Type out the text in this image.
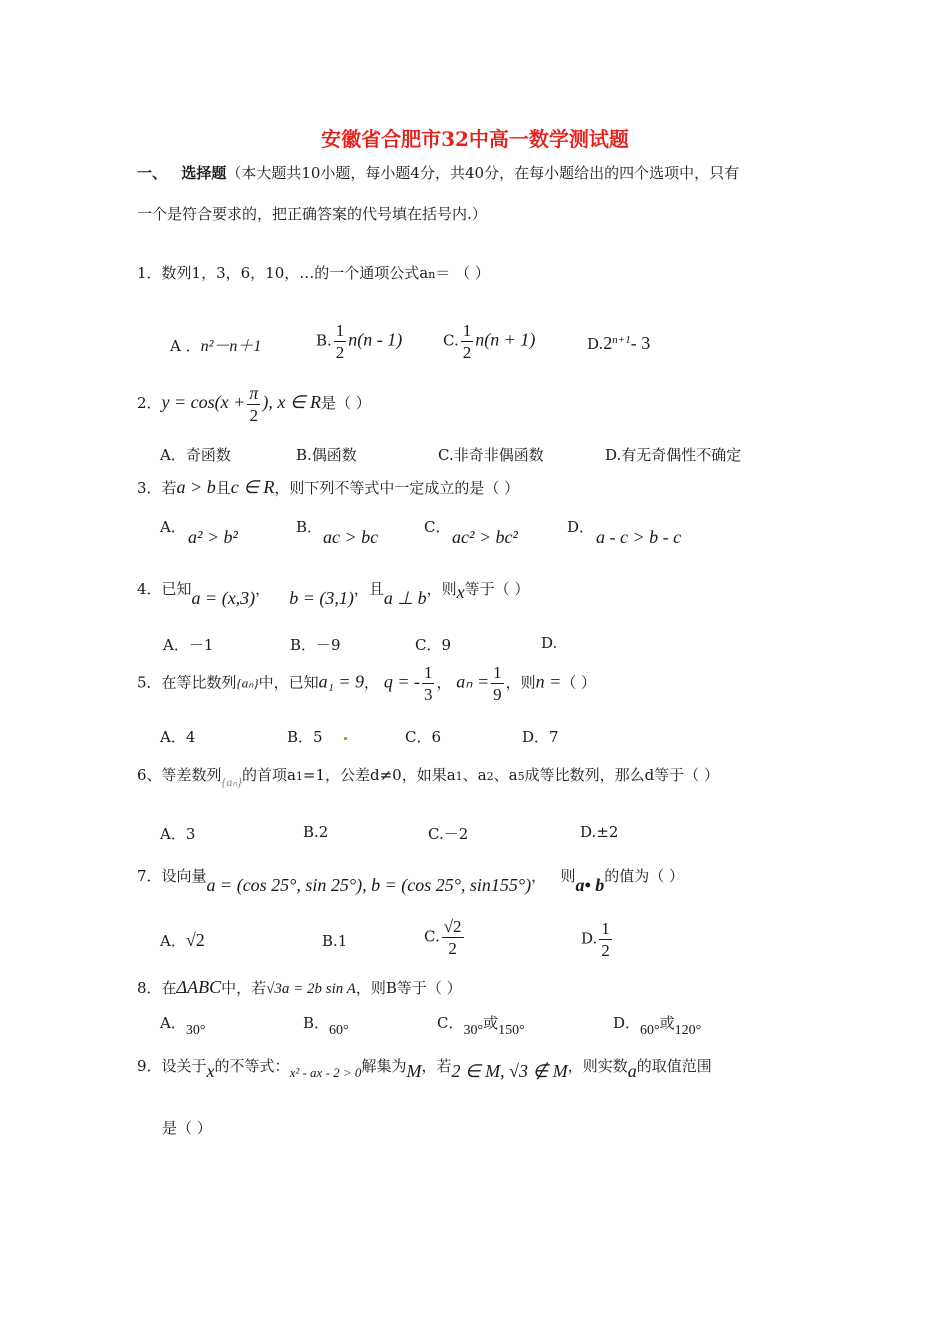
安徽省合肥市32中高一数学测试题
一、 选择题（本大题共10小题，每小题4分，共40分，在每小题给出的四个选项中，只有
一个是符合要求的，把正确答案的代号填在括号内.）
1．数列1，3，6，10，…的一个通项公式an＝ （ ）
A ．n²－n＋1	B. $\frac{1}{2} n(n - 1)$	C. $\frac{1}{2} n(n + 1)$	$D.2^{n+1}-$ 3
2．$y = \cos(x + \frac{\pi}{2}$ ), x ∈ R是（ ）
A．奇函数	B.偶函数	C.非奇非偶函数	D.有无奇偶性不确定
3．若a > b且c ∈ R，则下列不等式中一定成立的是（ ）
A． a² > b²	B． ac > bc	C． ac² > bc²	D． a - c > b - c
4．已知a = (x,3)， b = (3,1)，且a ⊥ b，则x等于（ ）
A．－1	B．－9	C．9	D.
5．在等比数列{aₙ}中，已知a₁ = 9， q = - $\frac{1}{3}$ ， $a_n = \frac{1}{9}$ ，则n =（ ）
A．4	B．5	C．6	D．7
6、等差数列$_{\{a_n\}}$的首项a1=1，公差d≠0，如果a1、a2、a5成等比数列，那么d等于（ ）
A．3	B.2	C.－2	D.±2
7．设向量a = (cos 25°, sin 25°), b = (cos 25°, sin155°)， 则a• b的值为（ ）
A．√2	B.1	C. $\frac{√2}{2}$	D. $\frac{1}{2}$
8．在ΔABC中，若√3a = 2b sin A，则B等于（ ）
A．30°	B．60°	C．30°或150°	D．60°或120°
9．设关于x的不等式：x² - ax - 2 > 0解集为M，若2 ∈ M, √3 ∉ M，则实数a的取值范围
是（ ）
